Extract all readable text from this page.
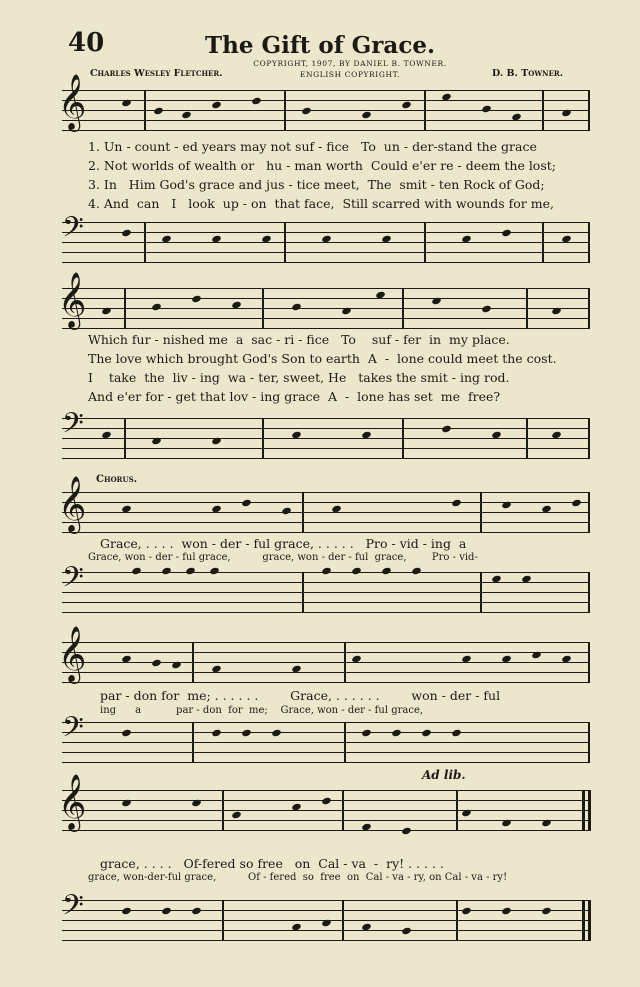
40	The Gift of Grace.
COPYRIGHT, 1907, BY DANIEL B. TOWNER.
ENGLISH COPYRIGHT.
Charles Wesley Fletcher.	D. B. Towner.
𝄞
1. Un - count - ed years may not suf - fice   To  un - der-stand the grace
2. Not worlds of wealth or   hu - man worth  Could e'er re - deem the lost;
3. In   Him God's grace and jus - tice meet,  The  smit - ten Rock of God;
4. And  can   I   look  up - on  that face,  Still scarred with wounds for me,
𝄢
𝄞
Which fur - nished me  a  sac - ri - fice   To    suf - fer  in  my place.
The love which brought God's Son to earth  A  -  lone could meet the cost.
I    take  the  liv - ing  wa - ter, sweet, He   takes the smit - ing rod.
And e'er for - get that lov - ing grace  A  -  lone has set  me  free?
𝄢
Chorus.
𝄞
Grace, . . . .  won - der - ful grace, . . . . .   Pro - vid - ing  a
Grace, won - der - ful grace,          grace, won - der - ful  grace,        Pro - vid-
𝄢
𝄞
par - don for  me; . . . . . .        Grace, . . . . . .        won - der - ful
ing      a           par - don  for  me;    Grace, won - der - ful grace,
𝄢
Ad lib.
𝄞
grace, . . . .   Of-fered so free   on  Cal - va  -  ry! . . . . .
grace, won-der-ful grace,          Of - fered  so  free  on  Cal - va - ry, on Cal - va - ry!
𝄢
